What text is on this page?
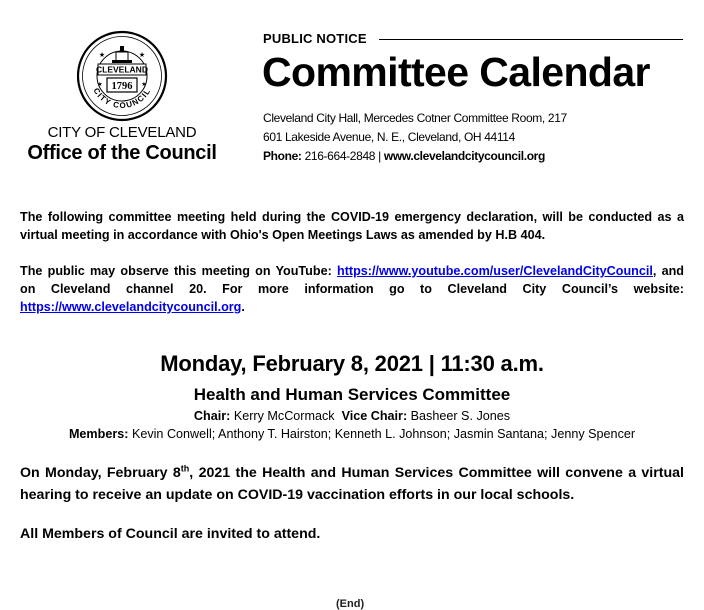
★	★
CLEVELAND
1796
★	★
CITY COUNCIL
CITY OF CLEVELAND
Office of the Council
PUBLIC NOTICE
Committee Calendar
Cleveland City Hall, Mercedes Cotner Committee Room, 217
601 Lakeside Avenue, N. E., Cleveland, OH 44114
Phone: 216-664-2848 | www.clevelandcitycouncil.org
The following committee meeting held during the COVID-19 emergency declaration, will be conducted as a virtual meeting in accordance with Ohio's Open Meetings Laws as amended by H.B 404.
The public may observe this meeting on YouTube: https://www.youtube.com/user/ClevelandCityCouncil, and on Cleveland channel 20. For more information go to Cleveland City Council’s website: https://www.clevelandcitycouncil.org.
Monday, February 8, 2021 | 11:30 a.m.
Health and Human Services Committee
Chair: Kerry McCormack Vice Chair: Basheer S. Jones
Members: Kevin Conwell; Anthony T. Hairston; Kenneth L. Johnson; Jasmin Santana; Jenny Spencer
On Monday, February 8th, 2021 the Health and Human Services Committee will convene a virtual hearing to receive an update on COVID-19 vaccination efforts in our local schools.
All Members of Council are invited to attend.
(End)
